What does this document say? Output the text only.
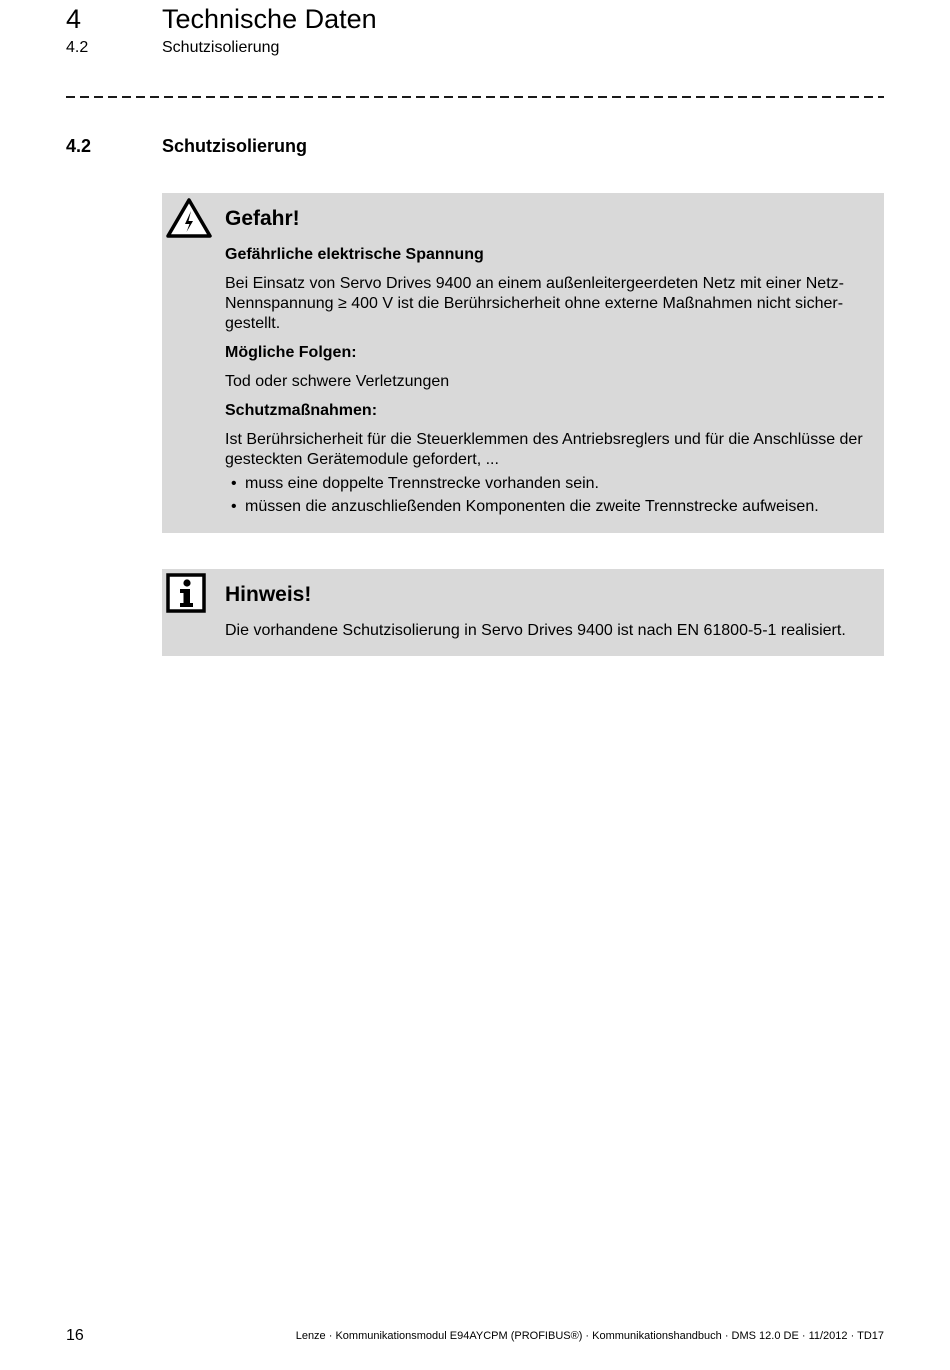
4	Technische Daten
4.2	Schutzisolierung
4.2	Schutzisolierung
Gefahr!
Gefährliche elektrische Spannung
Bei Einsatz von Servo Drives 9400 an einem außenleitergeerdeten Netz mit einer Netz-Nennspannung ≥ 400 V ist die Berührsicherheit ohne externe Maßnahmen nicht sicher-gestellt.
Mögliche Folgen:
Tod oder schwere Verletzungen
Schutzmaßnahmen:
Ist Berührsicherheit für die Steuerklemmen des Antriebsreglers und für die Anschlüsse der gesteckten Gerätemodule gefordert, ...
• muss eine doppelte Trennstrecke vorhanden sein.
• müssen die anzuschließenden Komponenten die zweite Trennstrecke aufweisen.
Hinweis!
Die vorhandene Schutzisolierung in Servo Drives 9400 ist nach EN 61800-5-1 realisiert.
16	Lenze · Kommunikationsmodul E94AYCPM (PROFIBUS®) · Kommunikationshandbuch · DMS 12.0 DE · 11/2012 · TD17
